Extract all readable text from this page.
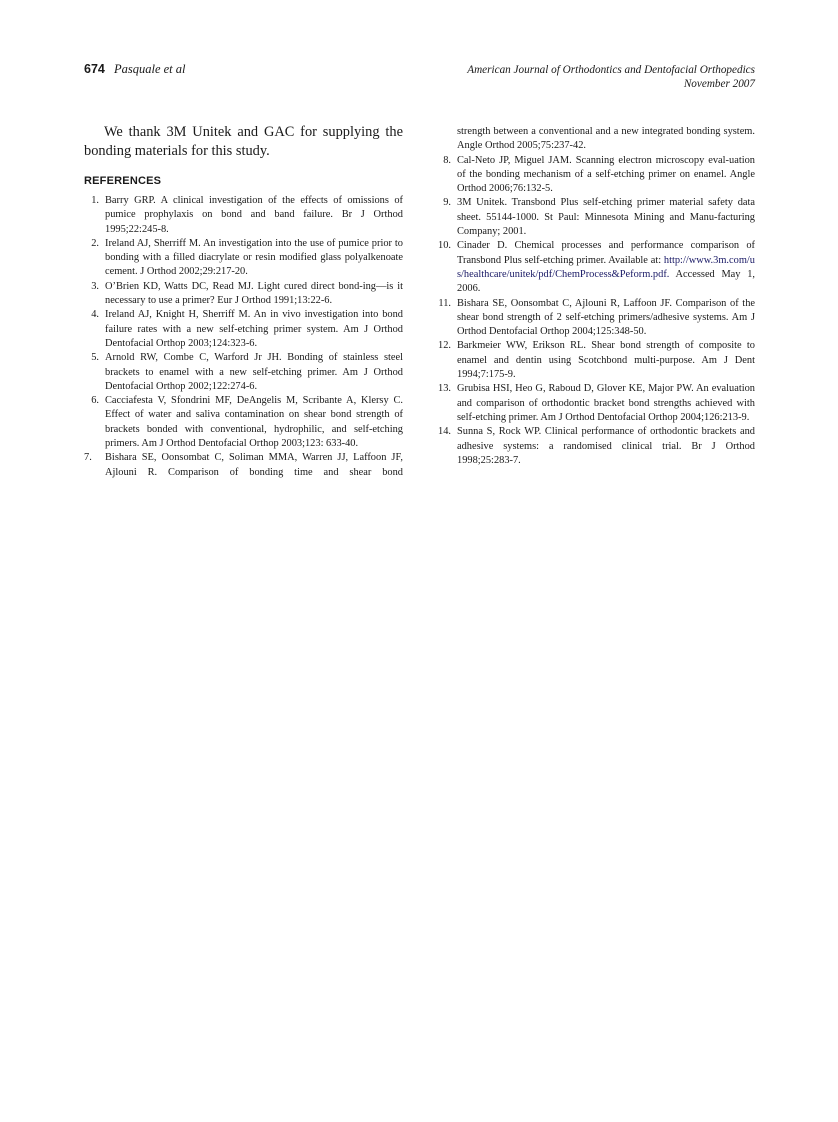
674 Pasquale et al	American Journal of Orthodontics and Dentofacial Orthopedics
November 2007
We thank 3M Unitek and GAC for supplying the bonding materials for this study.
REFERENCES
1. Barry GRP. A clinical investigation of the effects of omissions of pumice prophylaxis on bond and band failure. Br J Orthod 1995;22:245-8.
2. Ireland AJ, Sherriff M. An investigation into the use of pumice prior to bonding with a filled diacrylate or resin modified glass polyalkenoate cement. J Orthod 2002;29:217-20.
3. O’Brien KD, Watts DC, Read MJ. Light cured direct bond-ing—is it necessary to use a primer? Eur J Orthod 1991;13:22-6.
4. Ireland AJ, Knight H, Sherriff M. An in vivo investigation into bond failure rates with a new self-etching primer system. Am J Orthod Dentofacial Orthop 2003;124:323-6.
5. Arnold RW, Combe C, Warford Jr JH. Bonding of stainless steel brackets to enamel with a new self-etching primer. Am J Orthod Dentofacial Orthop 2002;122:274-6.
6. Cacciafesta V, Sfondrini MF, DeAngelis M, Scribante A, Klersy C. Effect of water and saliva contamination on shear bond strength of brackets bonded with conventional, hydrophilic, and self-etching primers. Am J Orthod Dentofacial Orthop 2003;123: 633-40.
7.	Bishara SE, Oonsombat C, Soliman MMA, Warren JJ, Laffoon JF, Ajlouni R. Comparison of bonding time and shear bond
strength between a conventional and a new integrated bonding system. Angle Orthod 2005;75:237-42.
8. Cal-Neto JP, Miguel JAM. Scanning electron microscopy eval-uation of the bonding mechanism of a self-etching primer on enamel. Angle Orthod 2006;76:132-5.
9. 3M Unitek. Transbond Plus self-etching primer material safety data sheet. 55144-1000. St Paul: Minnesota Mining and Manu-facturing Company; 2001.
10. Cinader D. Chemical processes and performance comparison of Transbond Plus self-etching primer. Available at: http://www.3m.com/us/healthcare/unitek/pdf/ChemProcess&Peform.pdf. Accessed May 1, 2006.
11. Bishara SE, Oonsombat C, Ajlouni R, Laffoon JF. Comparison of the shear bond strength of 2 self-etching primers/adhesive systems. Am J Orthod Dentofacial Orthop 2004;125:348-50.
12. Barkmeier WW, Erikson RL. Shear bond strength of composite to enamel and dentin using Scotchbond multi-purpose. Am J Dent 1994;7:175-9.
13. Grubisa HSI, Heo G, Raboud D, Glover KE, Major PW. An evaluation and comparison of orthodontic bracket bond strengths achieved with self-etching primer. Am J Orthod Dentofacial Orthop 2004;126:213-9.
14. Sunna S, Rock WP. Clinical performance of orthodontic brackets and adhesive systems: a randomised clinical trial. Br J Orthod 1998;25:283-7.
